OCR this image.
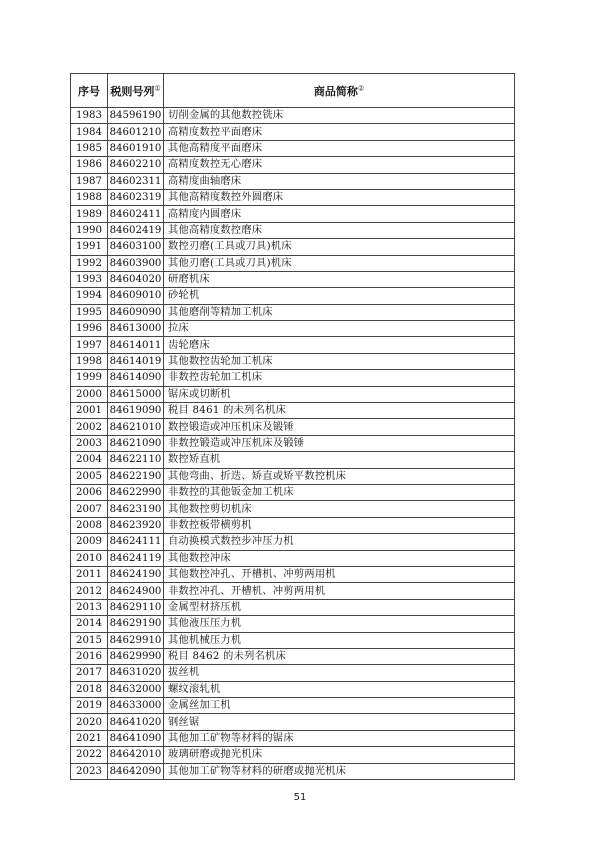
序号	税则号列①	商品简称②
1983	84596190	切削金属的其他数控铣床
1984	84601210	高精度数控平面磨床
1985	84601910	其他高精度平面磨床
1986	84602210	高精度数控无心磨床
1987	84602311	高精度曲轴磨床
1988	84602319	其他高精度数控外圆磨床
1989	84602411	高精度内圆磨床
1990	84602419	其他高精度数控磨床
1991	84603100	数控刃磨(工具或刀具)机床
1992	84603900	其他刃磨(工具或刀具)机床
1993	84604020	研磨机床
1994	84609010	砂轮机
1995	84609090	其他磨削等精加工机床
1996	84613000	拉床
1997	84614011	齿轮磨床
1998	84614019	其他数控齿轮加工机床
1999	84614090	非数控齿轮加工机床
2000	84615000	锯床或切断机
2001	84619090	税目 8461 的未列名机床
2002	84621010	数控锻造或冲压机床及锻锤
2003	84621090	非数控锻造或冲压机床及锻锤
2004	84622110	数控矫直机
2005	84622190	其他弯曲、折迭、矫直或矫平数控机床
2006	84622990	非数控的其他钣金加工机床
2007	84623190	其他数控剪切机床
2008	84623920	非数控板带横剪机
2009	84624111	自动换模式数控步冲压力机
2010	84624119	其他数控冲床
2011	84624190	其他数控冲孔、开槽机、冲剪两用机
2012	84624900	非数控冲孔、开槽机、冲剪两用机
2013	84629110	金属型材挤压机
2014	84629190	其他液压压力机
2015	84629910	其他机械压力机
2016	84629990	税目 8462 的未列名机床
2017	84631020	拔丝机
2018	84632000	螺纹滚轧机
2019	84633000	金属丝加工机
2020	84641020	钢丝锯
2021	84641090	其他加工矿物等材料的锯床
2022	84642010	玻璃研磨或抛光机床
2023	84642090	其他加工矿物等材料的研磨或抛光机床
51
